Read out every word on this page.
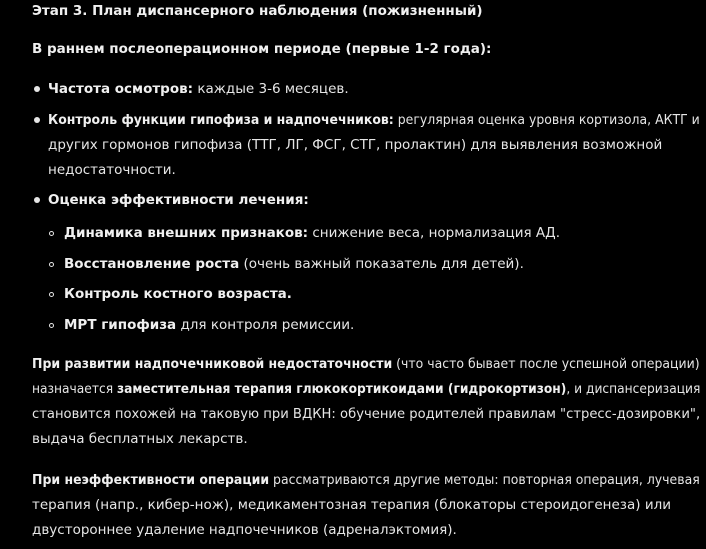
Этап 3. План диспансерного наблюдения (пожизненный)
В раннем послеоперационном периоде (первые 1-2 года):
Частота осмотров: каждые 3-6 месяцев.
Контроль функции гипофиза и надпочечников: регулярная оценка уровня кортизола, АКТГ и
других гормонов гипофиза (ТТГ, ЛГ, ФСГ, СТГ, пролактин) для выявления возможной
недостаточности.
Оценка эффективности лечения:
Динамика внешних признаков: снижение веса, нормализация АД.
Восстановление роста (очень важный показатель для детей).
Контроль костного возраста.
МРТ гипофиза для контроля ремиссии.
При развитии надпочечниковой недостаточности (что часто бывает после успешной операции)
назначается заместительная терапия глюкокортикоидами (гидрокортизон), и диспансеризация
становится похожей на таковую при ВДКН: обучение родителей правилам "стресс-дозировки",
выдача бесплатных лекарств.
При неэффективности операции рассматриваются другие методы: повторная операция, лучевая
терапия (напр., кибер-нож), медикаментозная терапия (блокаторы стероидогенеза) или
двустороннее удаление надпочечников (адреналэктомия).
